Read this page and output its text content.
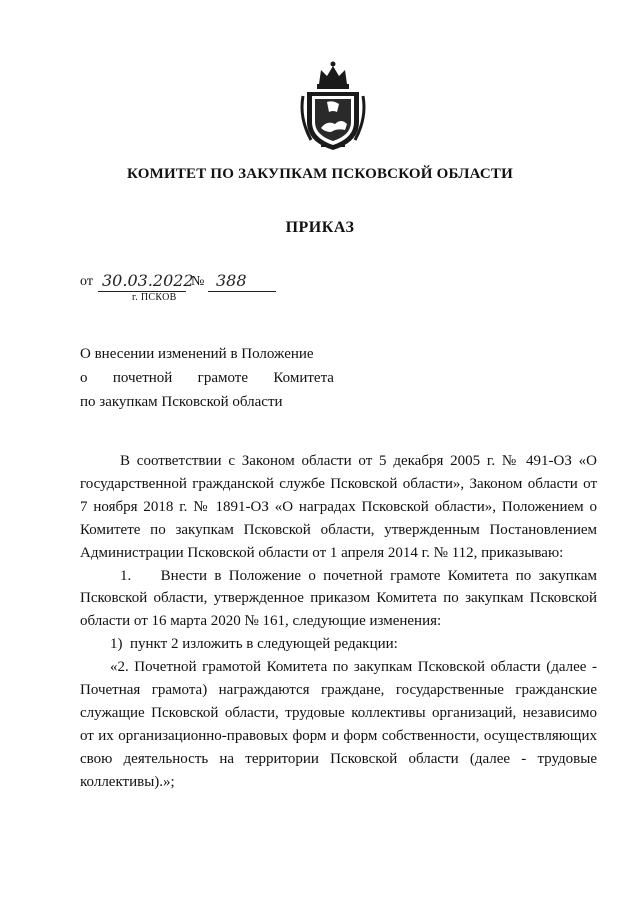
КОМИТЕТ ПО ЗАКУПКАМ ПСКОВСКОЙ ОБЛАСТИ
ПРИКАЗ
от 30.03.2022
№ 388
г. ПСКОВ
О внесении изменений в Положение
о почетной грамоте Комитета
по закупкам Псковской области

В соответствии с Законом области от 5 декабря 2005 г. № 491-ОЗ «О государственной гражданской службе Псковской области», Законом области от 7 ноября 2018 г. № 1891-ОЗ «О наградах Псковской области», Положением о Комитете по закупкам Псковской области, утвержденным Постановлением Администрации Псковской области от 1 апреля 2014 г. № 112, приказываю:

1.    Внести в Положение о почетной грамоте Комитета по закупкам Псковской области, утвержденное приказом Комитета по закупкам Псковской области от 16 марта 2020 № 161, следующие изменения:

1)  пункт 2 изложить в следующей редакции:

«2. Почетной грамотой Комитета по закупкам Псковской области (далее - Почетная грамота) награждаются граждане, государственные гражданские служащие Псковской области, трудовые коллективы организаций, независимо от их организационно-правовых форм и форм собственности, осуществляющих свою деятельность на территории Псковской области (далее - трудовые коллективы).»;
